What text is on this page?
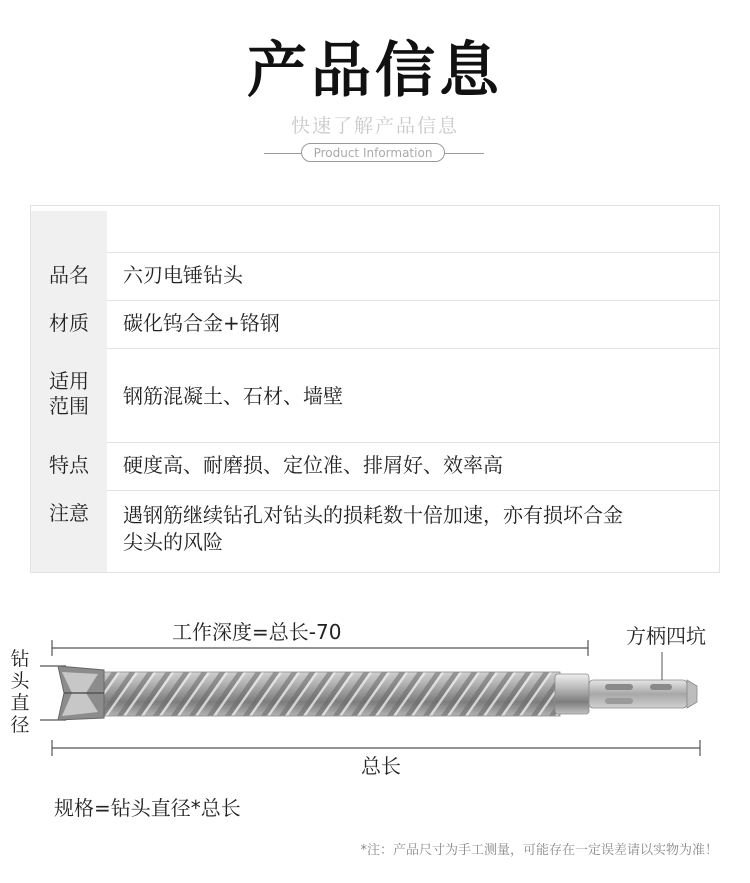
产品信息
快速了解产品信息
Product Information
品名	六刃电锤钻头
材质	碳化钨合金+铬钢
适用
范围	钢筋混凝土、石材、墙壁
特点	硬度高、耐磨损、定位准、排屑好、效率高
注意	遇钢筋继续钻孔对钻头的损耗数十倍加速，亦有损坏合金
尖头的风险
工作深度=总长-70	方柄四坑
总长
钻
头
直
径
规格=钻头直径*总长
*注：产品尺寸为手工测量，可能存在一定误差请以实物为准！
